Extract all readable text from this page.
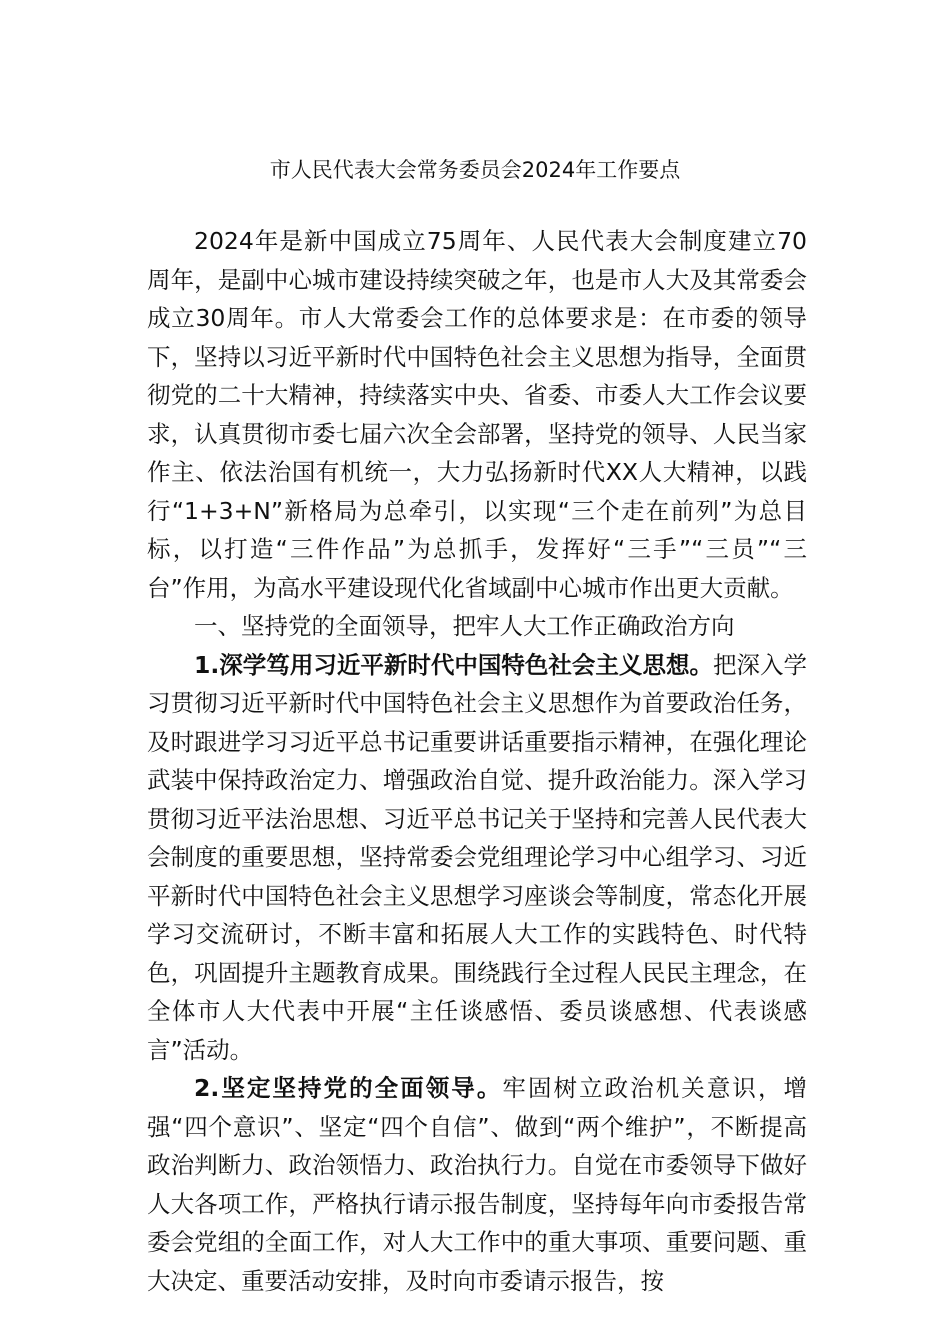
市人民代表大会常务委员会2024年工作要点

2024年是新中国成立75周年、人民代表大会制度建立70周年，是副中心城市建设持续突破之年，也是市人大及其常委会成立30周年。市人大常委会工作的总体要求是：在市委的领导下，坚持以习近平新时代中国特色社会主义思想为指导，全面贯彻党的二十大精神，持续落实中央、省委、市委人大工作会议要求，认真贯彻市委七届六次全会部署，坚持党的领导、人民当家作主、依法治国有机统一，大力弘扬新时代XX人大精神，以践行“1+3+N”新格局为总牵引，以实现“三个走在前列”为总目标，以打造“三件作品”为总抓手，发挥好“三手”“三员”“三台”作用，为高水平建设现代化省域副中心城市作出更大贡献。

一、坚持党的全面领导，把牢人大工作正确政治方向

1.深学笃用习近平新时代中国特色社会主义思想。把深入学习贯彻习近平新时代中国特色社会主义思想作为首要政治任务，及时跟进学习习近平总书记重要讲话重要指示精神，在强化理论武装中保持政治定力、增强政治自觉、提升政治能力。深入学习贯彻习近平法治思想、习近平总书记关于坚持和完善人民代表大会制度的重要思想，坚持常委会党组理论学习中心组学习、习近平新时代中国特色社会主义思想学习座谈会等制度，常态化开展学习交流研讨，不断丰富和拓展人大工作的实践特色、时代特色，巩固提升主题教育成果。围绕践行全过程人民民主理念，在全体市人大代表中开展“主任谈感悟、委员谈感想、代表谈感言”活动。

2.坚定坚持党的全面领导。牢固树立政治机关意识，增强“四个意识”、坚定“四个自信”、做到“两个维护”，不断提高政治判断力、政治领悟力、政治执行力。自觉在市委领导下做好人大各项工作，严格执行请示报告制度，坚持每年向市委报告常委会党组的全面工作，对人大工作中的重大事项、重要问题、重大决定、重要活动安排，及时向市委请示报告，按
